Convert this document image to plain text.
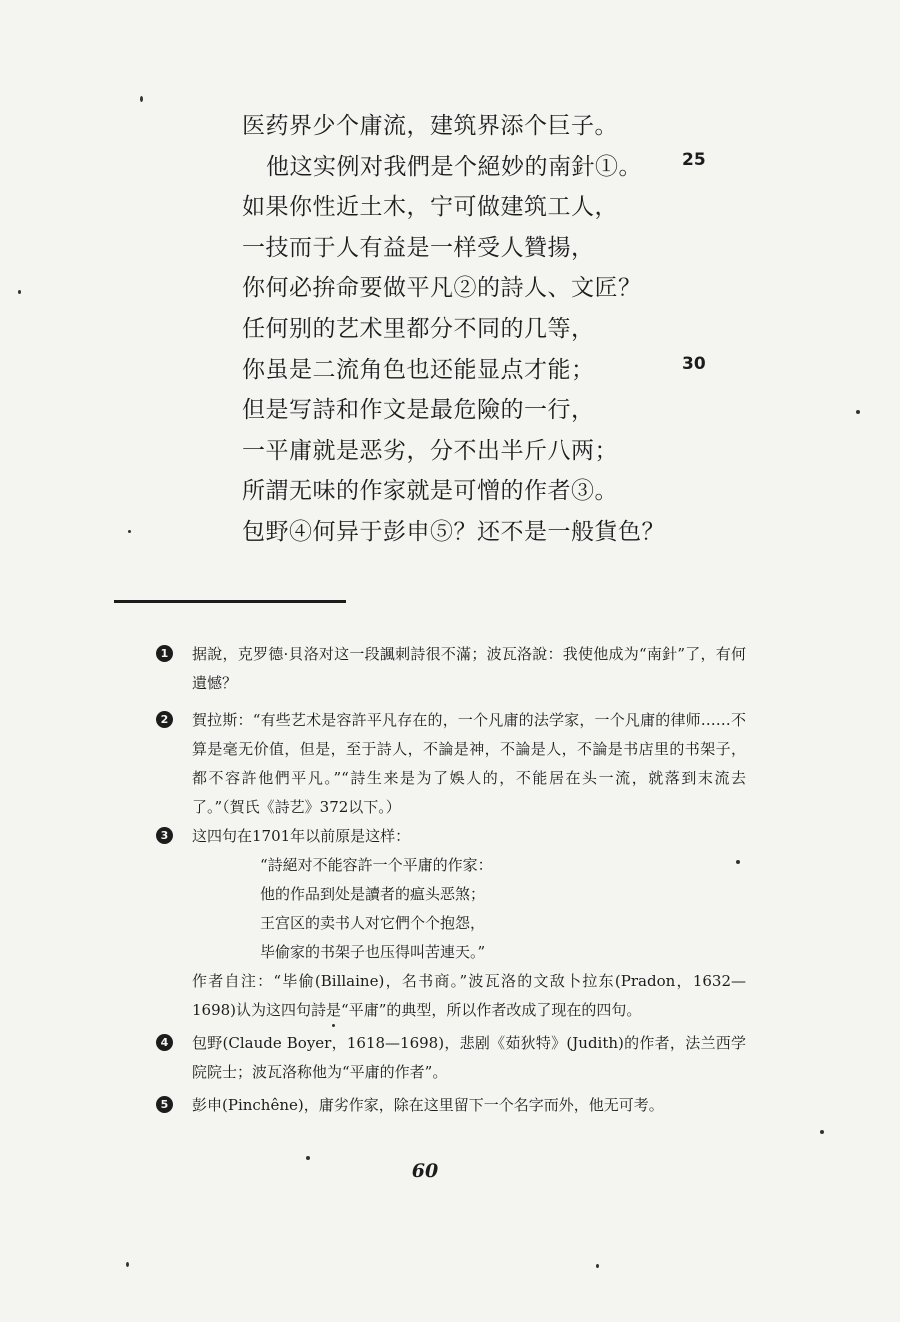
医药界少个庸流，建筑界添个巨子。
他这实例对我們是个絕妙的南針①。
如果你性近土木，宁可做建筑工人，
一技而于人有益是一样受人贊揚，
你何必拚命要做平凡②的詩人、文匠？
任何别的艺术里都分不同的几等，
你虽是二流角色也还能显点才能；
但是写詩和作文是最危險的一行，
一平庸就是恶劣，分不出半斤八两；
所謂无味的作家就是可憎的作者③。
包野④何异于彭申⑤？还不是一般貨色？
25
30
1	据說，克罗德·貝洛对这一段諷刺詩很不滿；波瓦洛說：我使他成为“南針”了，有何遺憾？

2	賀拉斯：“有些艺术是容許平凡存在的，一个凡庸的法学家，一个凡庸的律师……不算是毫无价值，但是，至于詩人，不論是神，不論是人，不論是书店里的书架子，都不容許他們平凡。”“詩生来是为了娛人的，不能居在头一流，就落到末流去了。”（賀氏《詩艺》372以下。）

3	这四句在1701年以前原是这样：

“詩絕对不能容許一个平庸的作家：
他的作品到处是讀者的瘟头恶煞；
王宫区的卖书人对它們个个抱怨，
毕偷家的书架子也压得叫苦連天。”

作者自注：“毕偷(Billaine)，名书商。”波瓦洛的文敌卜拉东(Pradon，1632—1698)认为这四句詩是“平庸”的典型，所以作者改成了现在的四句。

4	包野(Claude Boyer，1618—1698)，悲剧《茹狄特》(Judith)的作者，法兰西学院院士；波瓦洛称他为“平庸的作者”。

5	彭申(Pinchêne)，庸劣作家，除在这里留下一个名字而外，他无可考。

60
